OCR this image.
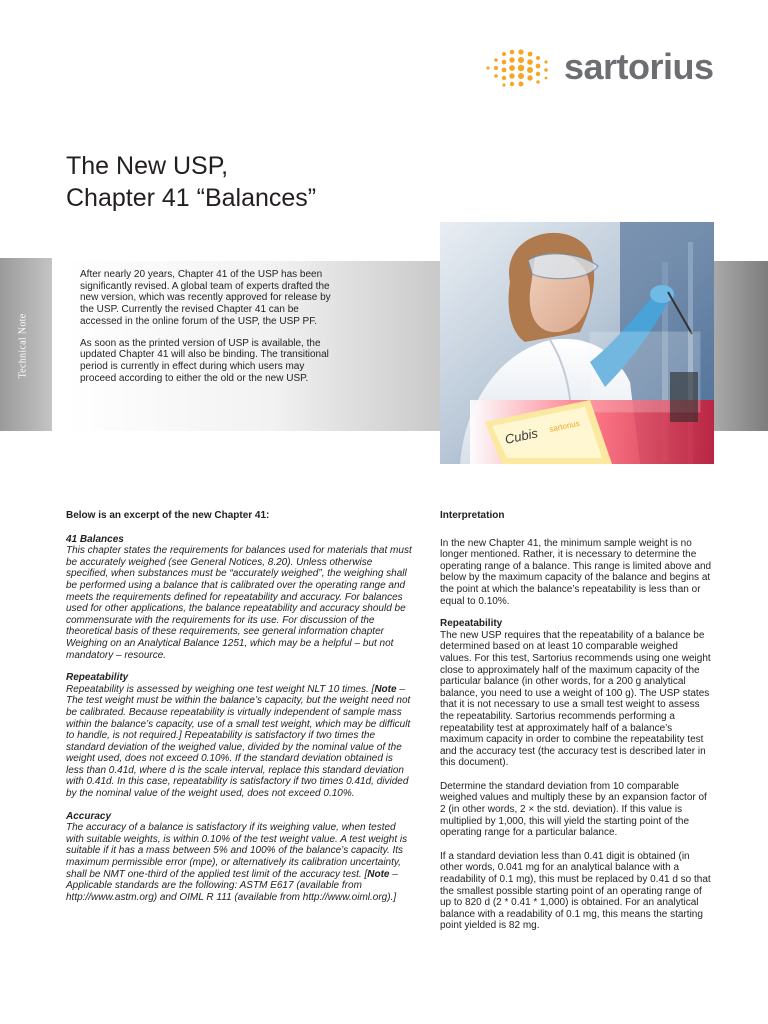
sartorius
The New USP,
Chapter 41 “Balances”
Technical Note

After nearly 20 years, Chapter 41 of the USP has been significantly revised. A global team of experts drafted the new version, which was recently approved for release by the USP. Currently the revised Chapter 41 can be accessed in the online forum of the USP, the USP PF.

As soon as the printed version of USP is available, the updated Chapter 41 will also be binding. The transitional period is currently in effect during which users may proceed according to either the old or the new USP.

Cubis sartorius

Below is an excerpt of the new Chapter 41:

41 Balances

This chapter states the requirements for balances used for materials that must be accurately weighed (see General Notices, 8.20). Unless otherwise specified, when substances must be “accurately weighed”, the weighing shall be performed using a balance that is calibrated over the operating range and meets the requirements defined for repeatability and accuracy. For balances used for other applications, the balance repeatability and accuracy should be commensurate with the requirements for its use. For discussion of the theoretical basis of these requirements, see general information chapter Weighing on an Analytical Balance 1251, which may be a helpful – but not mandatory – resource.

Repeatability

Repeatability is assessed by weighing one test weight NLT 10 times. [Note – The test weight must be within the balance’s capacity, but the weight need not be calibrated. Because repeatability is virtually independent of sample mass within the balance’s capacity, use of a small test weight, which may be difficult to handle, is not required.] Repeatability is satisfactory if two times the standard deviation of the weighed value, divided by the nominal value of the weight used, does not exceed 0.10%. If the standard deviation obtained is less than 0.41d, where d is the scale interval, replace this standard deviation with 0.41d. In this case, repeatability is satisfactory if two times 0.41d, divided by the nominal value of the weight used, does not exceed 0.10%.

Accuracy

The accuracy of a balance is satisfactory if its weighing value, when tested with suitable weights, is within 0.10% of the test weight value. A test weight is suitable if it has a mass between 5% and 100% of the balance’s capacity. Its maximum permissible error (mpe), or alternatively its calibration uncertainty, shall be NMT one-third of the applied test limit of the accuracy test. [Note – Applicable standards are the following: ASTM E617 (available from http://www.astm.org) and OIML R 111 (available from http://www.oiml.org).]

Interpretation

In the new Chapter 41, the minimum sample weight is no longer mentioned. Rather, it is necessary to determine the operating range of a balance. This range is limited above and below by the maximum capacity of the balance and begins at the point at which the balance’s repeatability is less than or equal to 0.10%.

Repeatability

The new USP requires that the repeatability of a balance be determined based on at least 10 comparable weighed values. For this test, Sartorius recommends using one weight close to approximately half of the maximum capacity of the particular balance (in other words, for a 200 g analytical balance, you need to use a weight of 100 g). The USP states that it is not necessary to use a small test weight to assess the repeatability. Sartorius recommends performing a repeatability test at approximately half of a balance’s maximum capacity in order to combine the repeatability test and the accuracy test (the accuracy test is described later in this document).

Determine the standard deviation from 10 comparable weighed values and multiply these by an expansion factor of 2 (in other words, 2 × the std. deviation). If this value is multiplied by 1,000, this will yield the starting point of the operating range for a particular balance.

If a standard deviation less than 0.41 digit is obtained (in other words, 0.041 mg for an analytical balance with a readability of 0.1 mg), this must be replaced by 0.41 d so that the smallest possible starting point of an operating range of up to 820 d (2 * 0.41 * 1,000) is obtained. For an analytical balance with a readability of 0.1 mg, this means the starting point yielded is 82 mg.
